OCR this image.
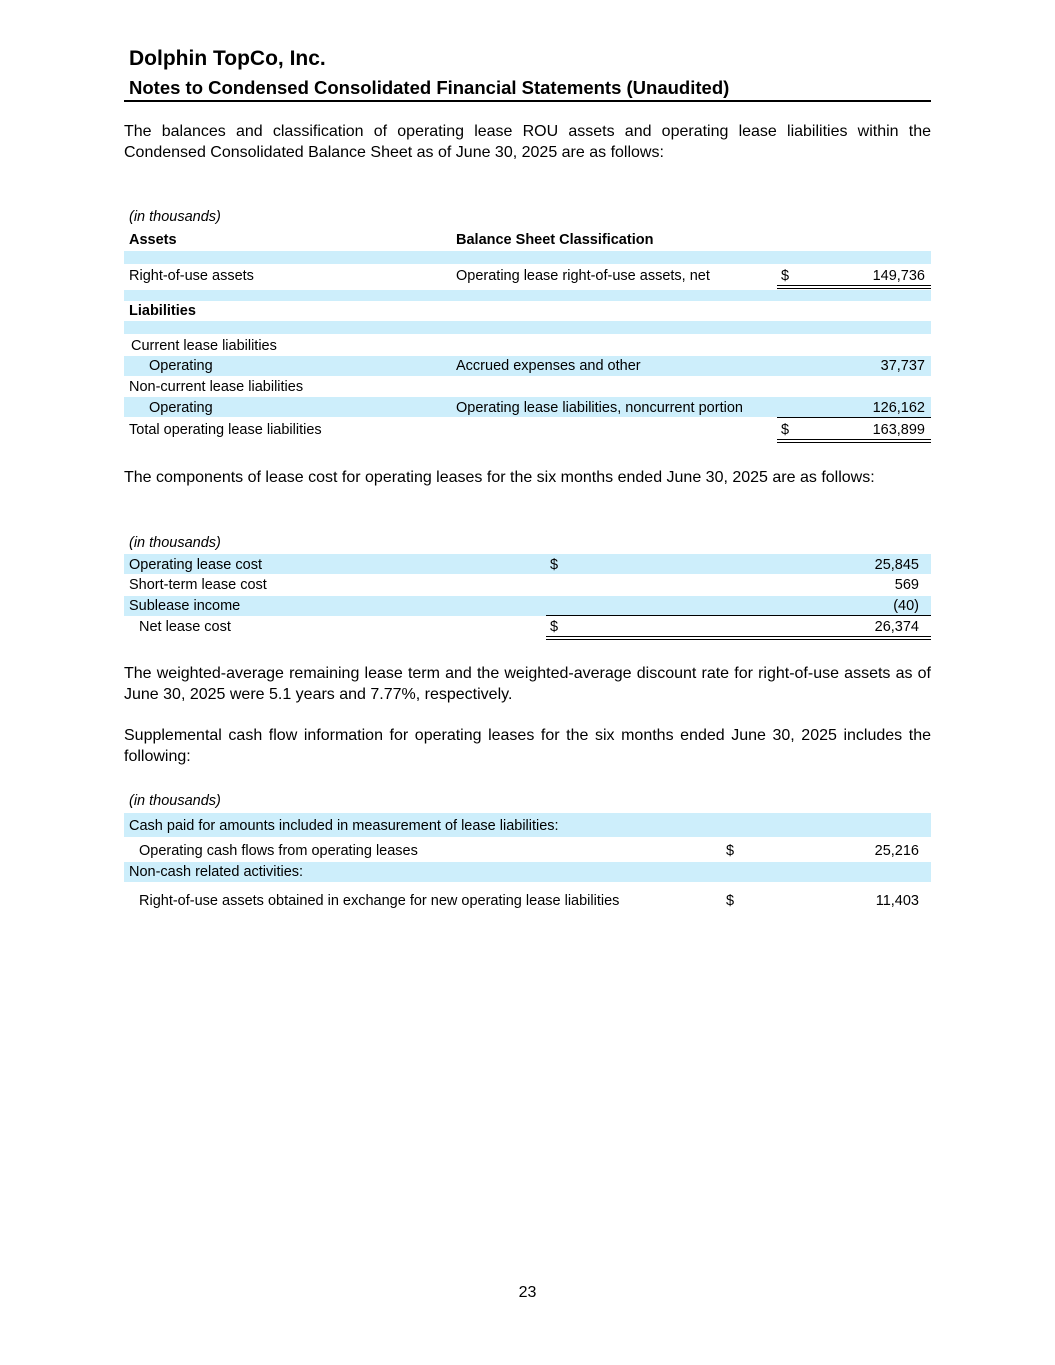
Dolphin TopCo, Inc.
Notes to Condensed Consolidated Financial Statements (Unaudited)
The balances and classification of operating lease ROU assets and operating lease liabilities within the Condensed Consolidated Balance Sheet as of June 30, 2025 are as follows:
(in thousands)
Assets	Balance Sheet Classification
Right-of-use assets	Operating lease right-of-use assets, net	$	149,736
Liabilities
Current lease liabilities
Operating	Accrued expenses and other	37,737
Non-current lease liabilities
Operating	Operating lease liabilities, noncurrent portion	126,162
Total operating lease liabilities	$	163,899
The components of lease cost for operating leases for the six months ended June 30, 2025 are as follows:
(in thousands)
Operating lease cost	$	25,845
Short-term lease cost	569
Sublease income	(40)
Net lease cost	$	26,374
The weighted-average remaining lease term and the weighted-average discount rate for right-of-use assets as of June 30, 2025 were 5.1 years and 7.77%, respectively.
Supplemental cash flow information for operating leases for the six months ended June 30, 2025 includes the following:
(in thousands)
Cash paid for amounts included in measurement of lease liabilities:
Operating cash flows from operating leases	$	25,216
Non-cash related activities:
Right-of-use assets obtained in exchange for new operating lease liabilities	$	11,403
23
